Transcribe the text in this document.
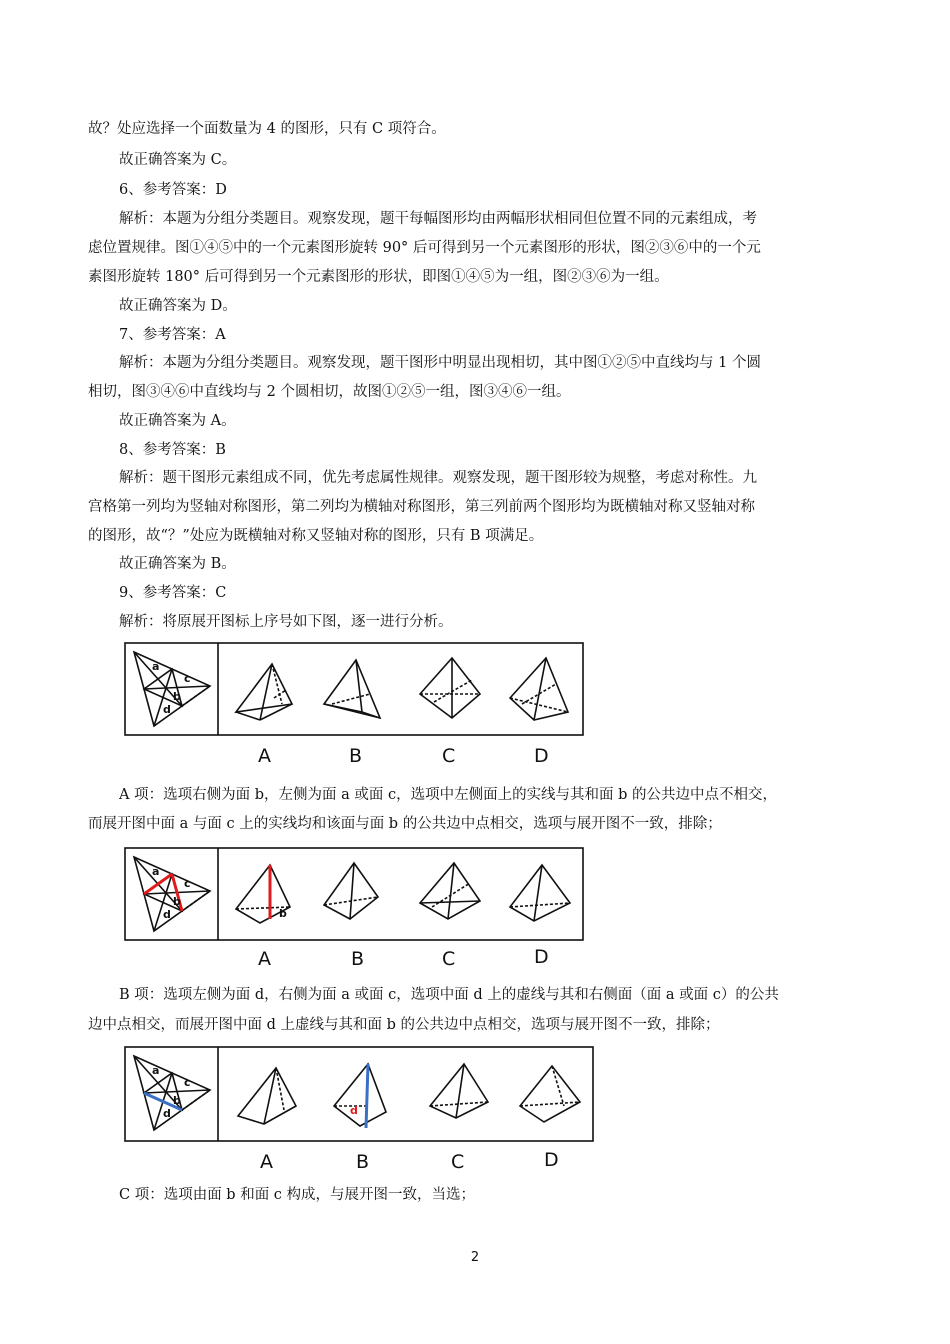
故？处应选择一个面数量为 4 的图形，只有 C 项符合。
故正确答案为 C。
6、参考答案：D
解析：本题为分组分类题目。观察发现，题干每幅图形均由两幅形状相同但位置不同的元素组成，考
虑位置规律。图①④⑤中的一个元素图形旋转 90° 后可得到另一个元素图形的形状，图②③⑥中的一个元
素图形旋转 180° 后可得到另一个元素图形的形状，即图①④⑤为一组，图②③⑥为一组。
故正确答案为 D。
7、参考答案：A
解析：本题为分组分类题目。观察发现，题干图形中明显出现相切，其中图①②⑤中直线均与 1 个圆
相切，图③④⑥中直线均与 2 个圆相切，故图①②⑤一组，图③④⑥一组。
故正确答案为 A。
8、参考答案：B
解析：题干图形元素组成不同，优先考虑属性规律。观察发现，题干图形较为规整，考虑对称性。九
宫格第一列均为竖轴对称图形，第二列均为横轴对称图形，第三列前两个图形均为既横轴对称又竖轴对称
的图形，故“？”处应为既横轴对称又竖轴对称的图形，只有 B 项满足。
故正确答案为 B。
9、参考答案：C
解析：将原展开图标上序号如下图，逐一进行分析。
a
b
c
d
A	B	C	D
A 项：选项右侧为面 b，左侧为面 a 或面 c，选项中左侧面上的实线与其和面 b 的公共边中点不相交，
而展开图中面 a 与面 c 上的实线均和该面与面 b 的公共边中点相交，选项与展开图不一致，排除；
a
b
c
d	b
A	B	C	D
B 项：选项左侧为面 d，右侧为面 a 或面 c，选项中面 d 上的虚线与其和右侧面（面 a 或面 c）的公共
边中点相交，而展开图中面 d 上虚线与其和面 b 的公共边中点相交，选项与展开图不一致，排除；
a
b
c
d	d
A	B	C	D
C 项：选项由面 b 和面 c 构成，与展开图一致，当选；
2
